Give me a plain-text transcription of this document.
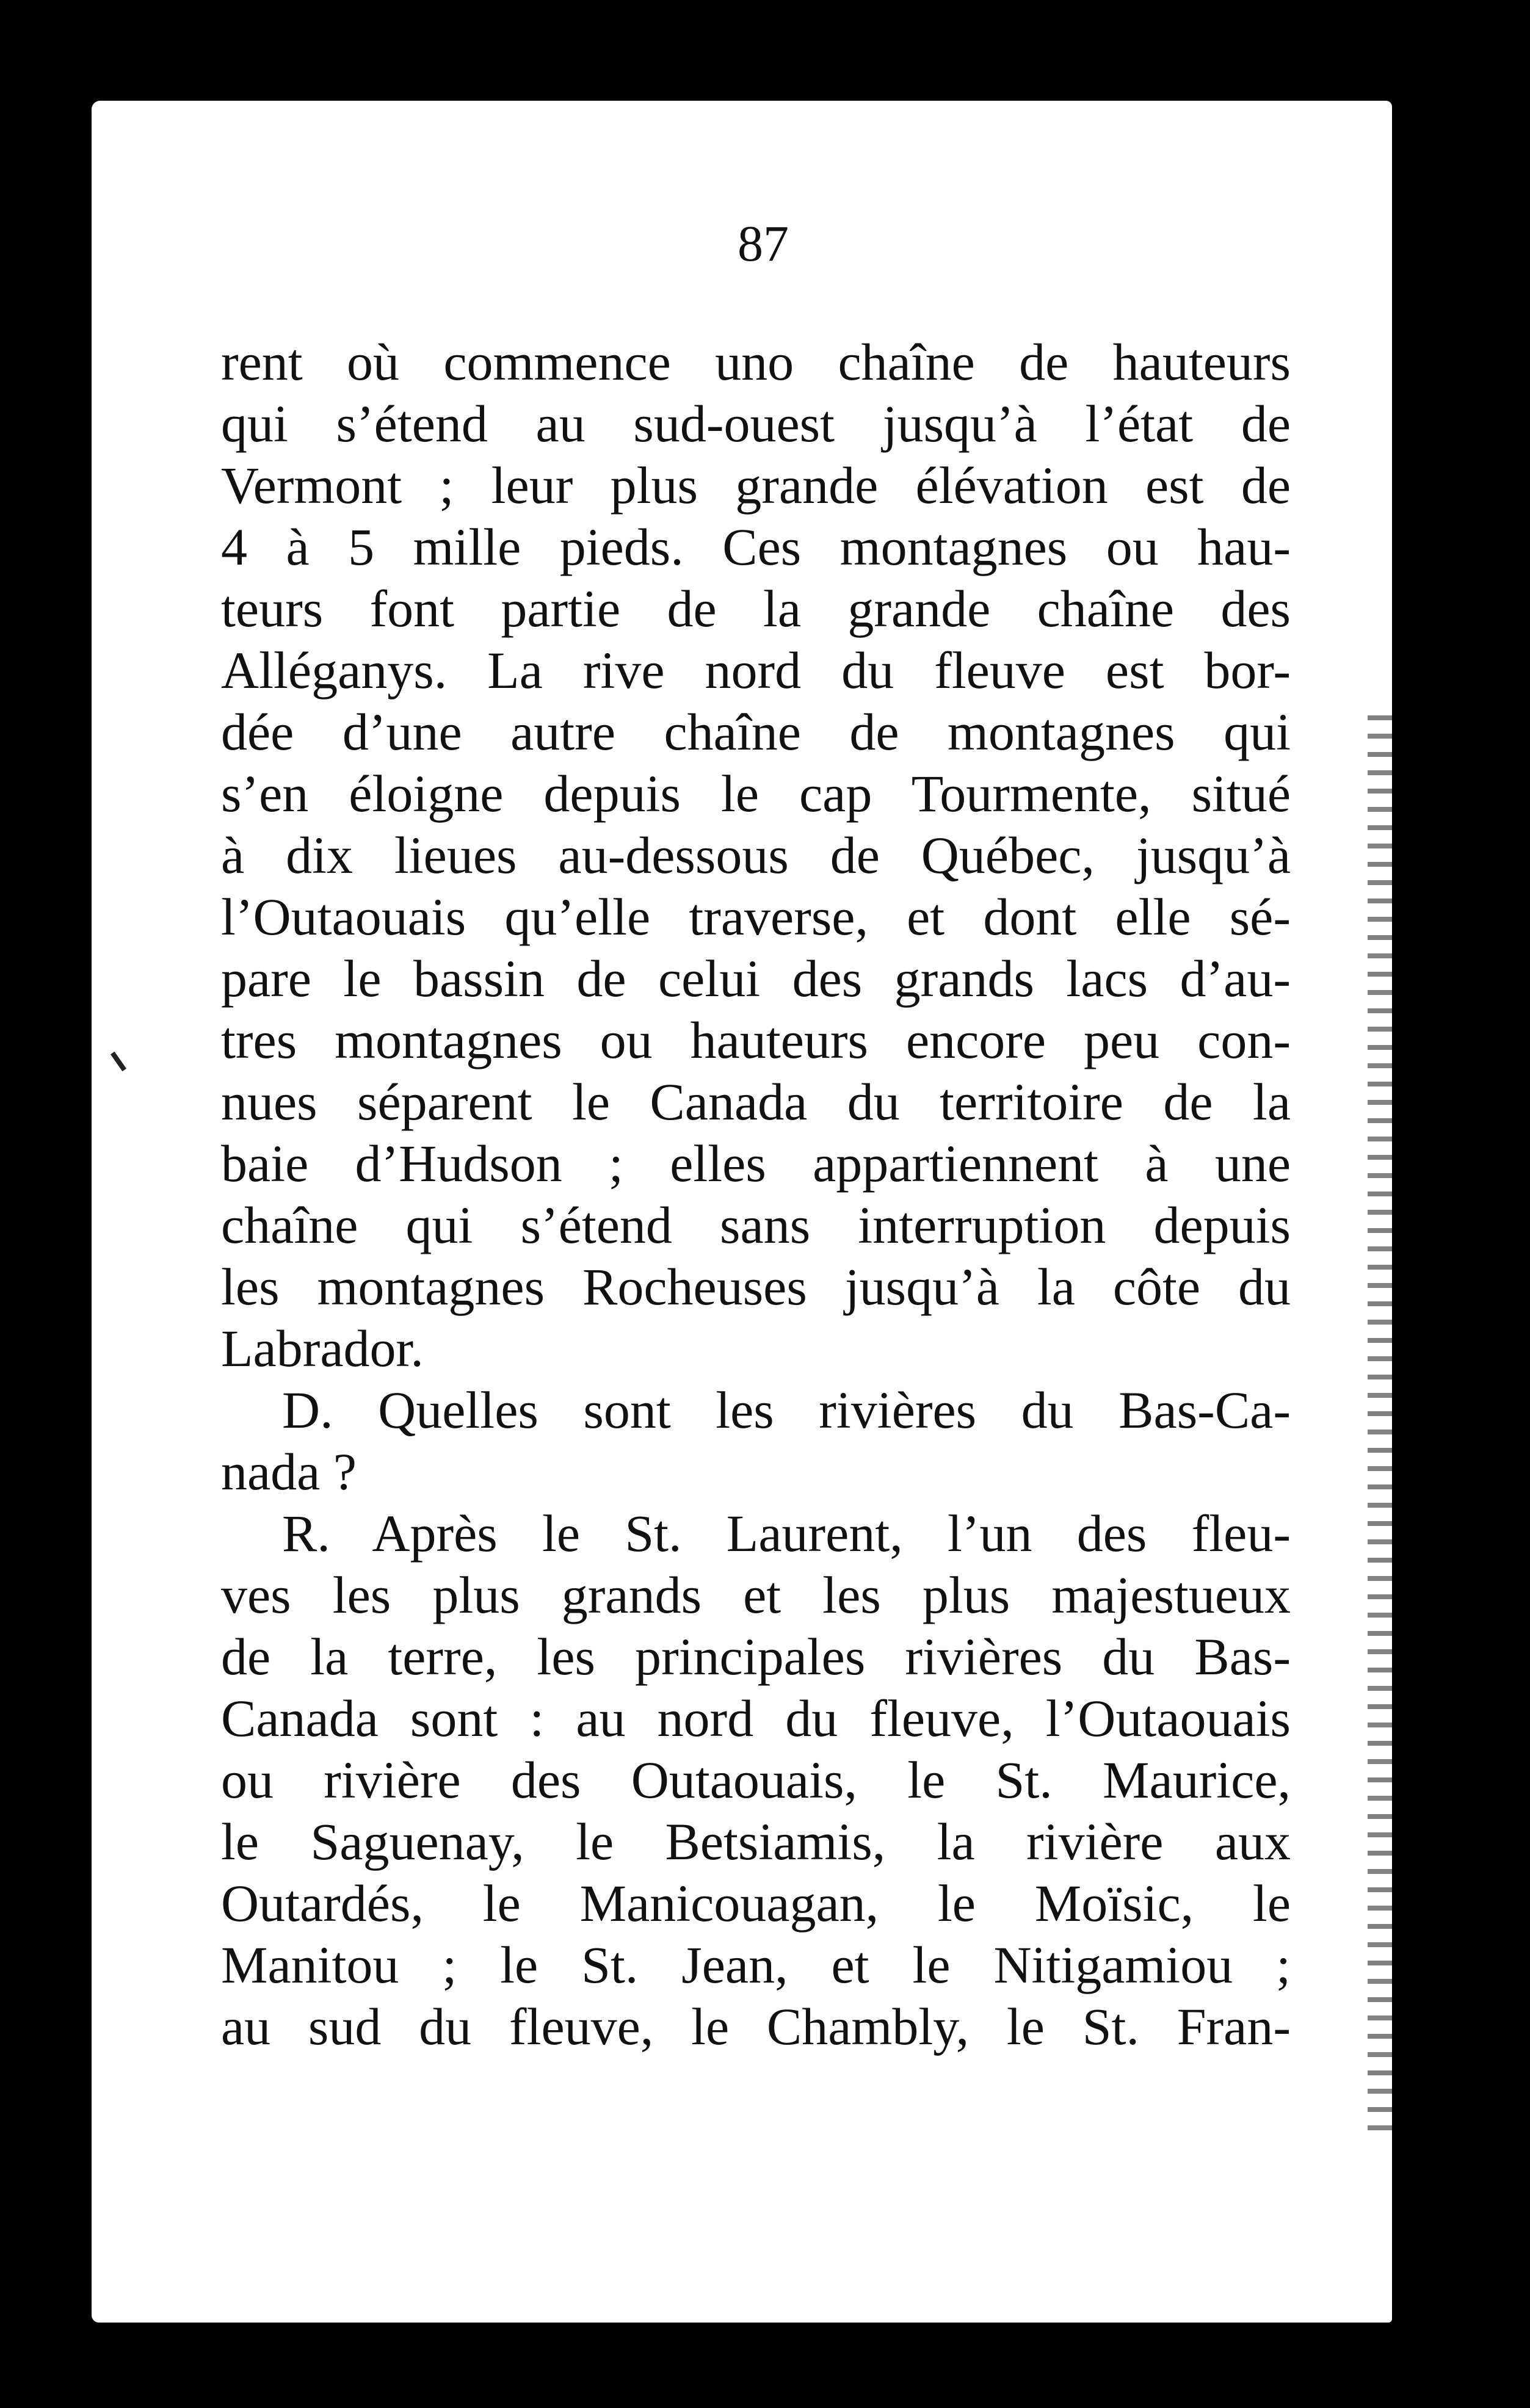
87
rent où commence uno chaîne de hauteurs
qui s’étend au sud-ouest jusqu’à l’état de
Vermont ; leur plus grande élévation est de
4 à 5 mille pieds. Ces montagnes ou hau-
teurs font partie de la grande chaîne des
Alléganys. La rive nord du fleuve est bor-
dée d’une autre chaîne de montagnes qui
s’en éloigne depuis le cap Tourmente, situé
à dix lieues au-dessous de Québec, jusqu’à
l’Outaouais qu’elle traverse, et dont elle sé-
pare le bassin de celui des grands lacs d’au-
tres montagnes ou hauteurs encore peu con-
nues séparent le Canada du territoire de la
baie d’Hudson ; elles appartiennent à une
chaîne qui s’étend sans interruption depuis
les montagnes Rocheuses jusqu’à la côte du
Labrador.
D. Quelles sont les rivières du Bas-Ca-
nada ?
R. Après le St. Laurent, l’un des fleu-
ves les plus grands et les plus majestueux
de la terre, les principales rivières du Bas-
Canada sont : au nord du fleuve, l’Outaouais
ou rivière des Outaouais, le St. Maurice,
le Saguenay, le Betsiamis, la rivière aux
Outardés, le Manicouagan, le Moïsic, le
Manitou ; le St. Jean, et le Nitigamiou ;
au sud du fleuve, le Chambly, le St. Fran-
